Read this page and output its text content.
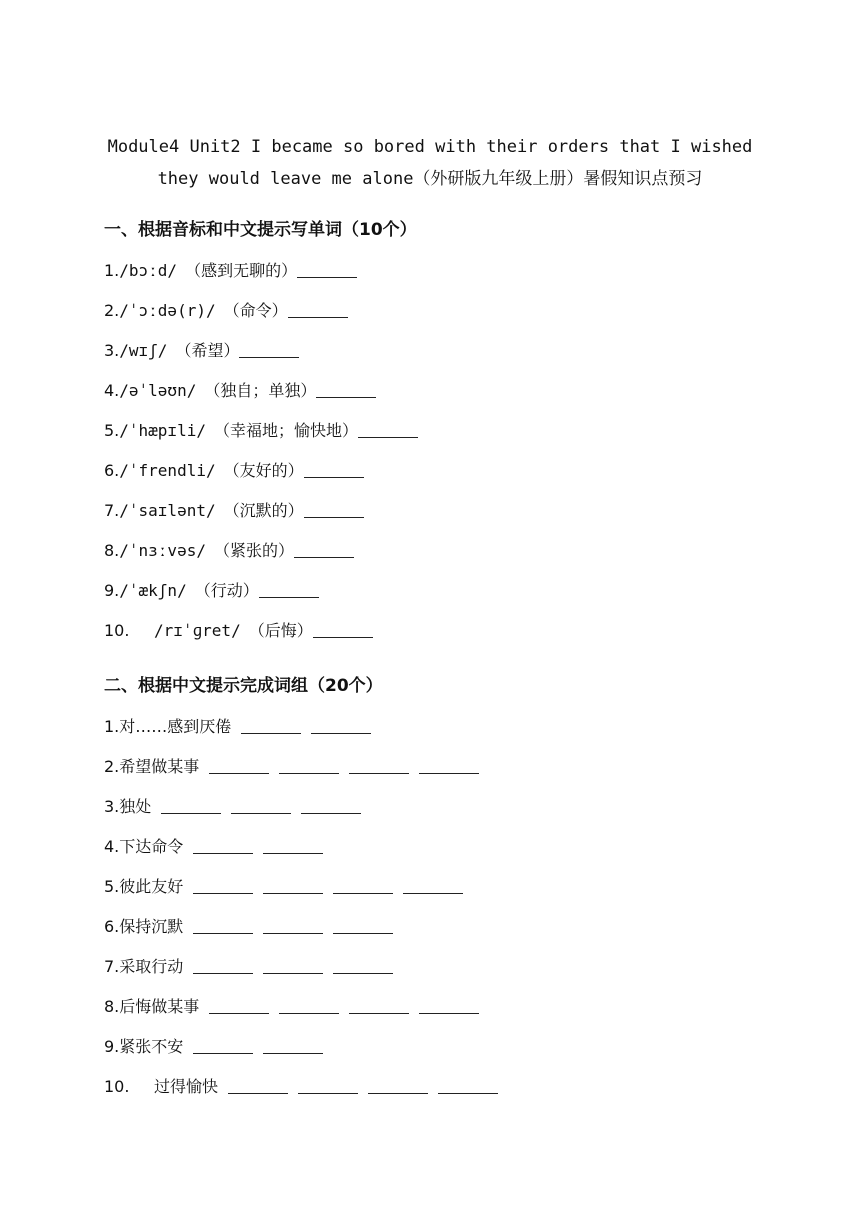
Module4 Unit2 I became so bored with their orders that I wished
they would leave me alone（外研版九年级上册）暑假知识点预习
一、根据音标和中文提示写单词（10个）
1./bɔːd/ （感到无聊的）
2./ˈɔːdə(r)/ （命令）
3./wɪʃ/ （希望）
4./əˈləʊn/ （独自；单独）
5./ˈhæpɪli/ （幸福地；愉快地）
6./ˈfrendli/ （友好的）
7./ˈsaɪlənt/ （沉默的）
8./ˈnɜːvəs/ （紧张的）
9./ˈækʃn/ （行动）
10. /rɪˈɡret/ （后悔）
二、根据中文提示完成词组（20个）
1.对……感到厌倦
2.希望做某事
3.独处
4.下达命令
5.彼此友好
6.保持沉默
7.采取行动
8.后悔做某事
9.紧张不安
10. 过得愉快
